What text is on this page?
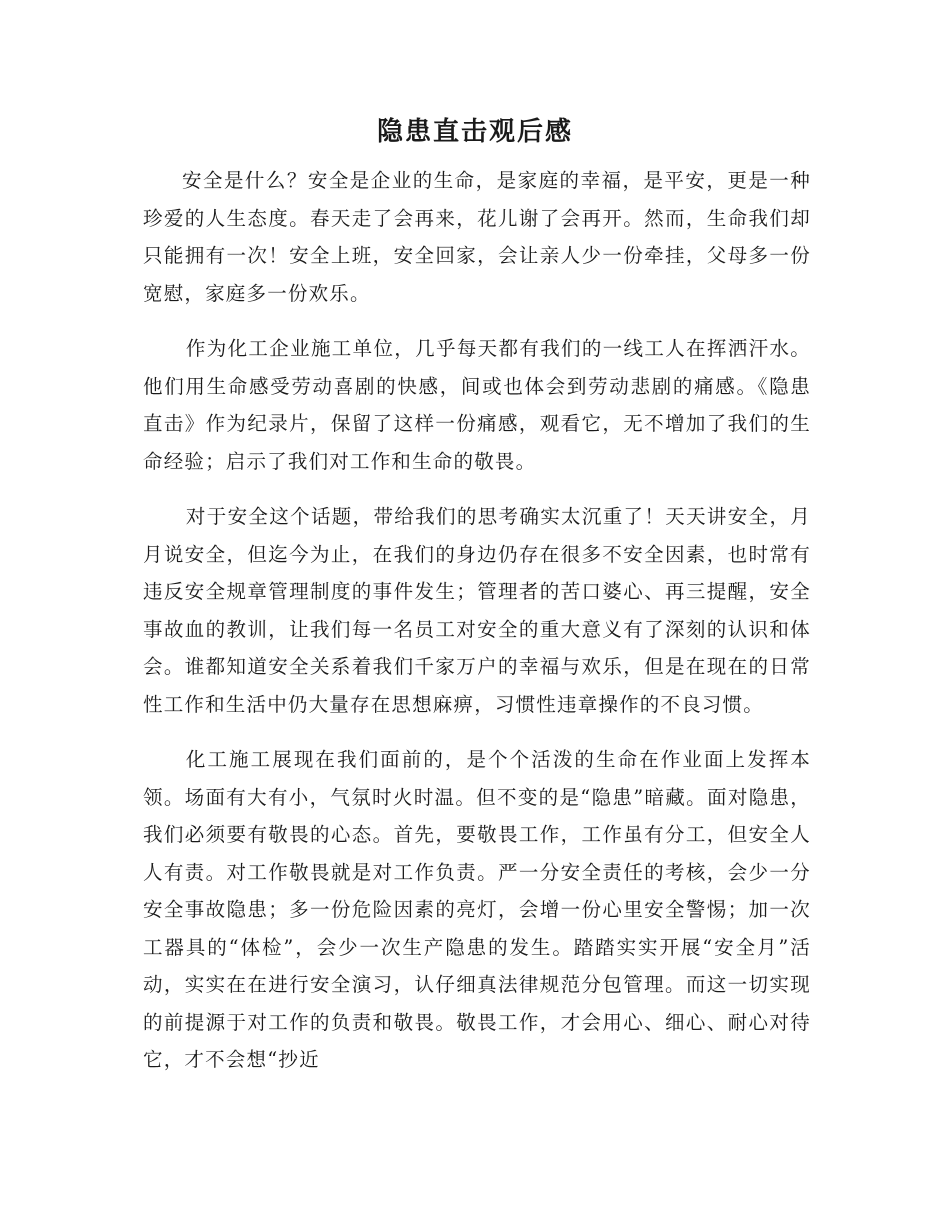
隐患直击观后感

安全是什么？安全是企业的生命，是家庭的幸福，是平安，更是一种珍爱的人生态度。春天走了会再来，花儿谢了会再开。然而，生命我们却只能拥有一次！安全上班，安全回家，会让亲人少一份牵挂，父母多一份宽慰，家庭多一份欢乐。

作为化工企业施工单位，几乎每天都有我们的一线工人在挥洒汗水。他们用生命感受劳动喜剧的快感，间或也体会到劳动悲剧的痛感。《隐患直击》作为纪录片，保留了这样一份痛感，观看它，无不增加了我们的生命经验；启示了我们对工作和生命的敬畏。

对于安全这个话题，带给我们的思考确实太沉重了！天天讲安全，月月说安全，但迄今为止，在我们的身边仍存在很多不安全因素，也时常有违反安全规章管理制度的事件发生；管理者的苦口婆心、再三提醒，安全事故血的教训，让我们每一名员工对安全的重大意义有了深刻的认识和体会。谁都知道安全关系着我们千家万户的幸福与欢乐，但是在现在的日常性工作和生活中仍大量存在思想麻痹，习惯性违章操作的不良习惯。

化工施工展现在我们面前的，是个个活泼的生命在作业面上发挥本领。场面有大有小，气氛时火时温。但不变的是“隐患”暗藏。面对隐患，我们必须要有敬畏的心态。首先，要敬畏工作，工作虽有分工，但安全人人有责。对工作敬畏就是对工作负责。严一分安全责任的考核，会少一分安全事故隐患；多一份危险因素的亮灯，会增一份心里安全警惕；加一次工器具的“体检”，会少一次生产隐患的发生。踏踏实实开展“安全月”活动，实实在在进行安全演习，认仔细真法律规范分包管理。而这一切实现的前提源于对工作的负责和敬畏。敬畏工作，才会用心、细心、耐心对待它，才不会想“抄近
